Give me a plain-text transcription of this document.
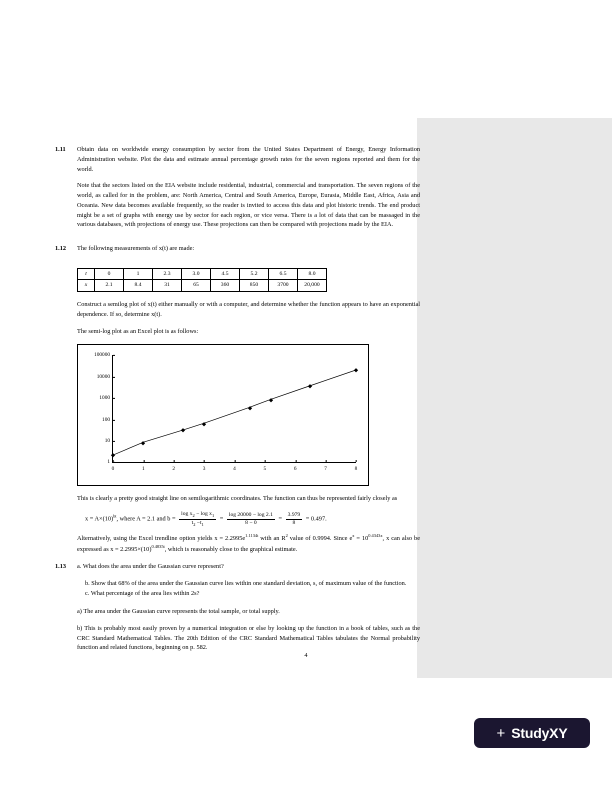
1.11	Obtain data on worldwide energy consumption by sector from the United States Department of Energy, Energy Information Administration website. Plot the data and estimate annual percentage growth rates for the seven regions reported and them for the world.

Note that the sectors listed on the EIA website include residential, industrial, commercial and transportation. The seven regions of the world, as called for in the problem, are: North America, Central and South America, Europe, Eurasia, Middle East, Africa, Asia and Oceania. New data becomes available frequently, so the reader is invited to access this data and plot historic trends. The end product might be a set of graphs with energy use by sector for each region, or vice versa. There is a lot of data that can be massaged in the various databases, with projections of energy use. These projections can then be compared with projections made by the EIA.

1.12	The following measurements of x(t) are made:

t	0	1	2.3	3.0	4.5	5.2	6.5	8.0
x	2.1	8.4	31	65	360	850	3700	20,000

Construct a semilog plot of x(t) either manually or with a computer, and determine whether the function appears to have an exponential dependence. If so, determine x(t).

The semi-log plot as an Excel plot is as follows:

100000
10000
1000
100
10
1
0	1	2	3	4	5	6	7	8

This is clearly a pretty good straight line on semilogarithmic coordinates. The function can thus be represented fairly closely as

$x = A\times(10)^{bt}$, where A = 2.1 and $b = \frac{\log x_2 - \log x_1}{t_2 -t_1} = \frac{\log 20000 - \log 2.1}{8 - 0} = \frac{3.979}{8} = 0.497$.

Alternatively, using the Excel trendline option yields $x = 2.2995e^{1.1134t}$ with an $R^2$ value of 0.9994. Since $e^x = 10^{0.4343x}$, x can also be expressed as $x = 2.2995\times(10)^{0.4835t}$, which is reasonably close to the graphical estimate.

1.13	a. What does the area under the Gaussian curve represent?
b. Show that 68% of the area under the Gaussian curve lies within one standard deviation, s, of maximum value of the function.
c. What percentage of the area lies within 2s?

a) The area under the Gaussian curve represents the total sample, or total supply.

b) This is probably most easily proven by a numerical integration or else by looking up the function in a book of tables, such as the CRC Standard Mathematical Tables. The 20th Edition of the CRC Standard Mathematical Tables tabulates the Normal probability function and related functions, beginning on p. 582.

4
+ StudyXY
